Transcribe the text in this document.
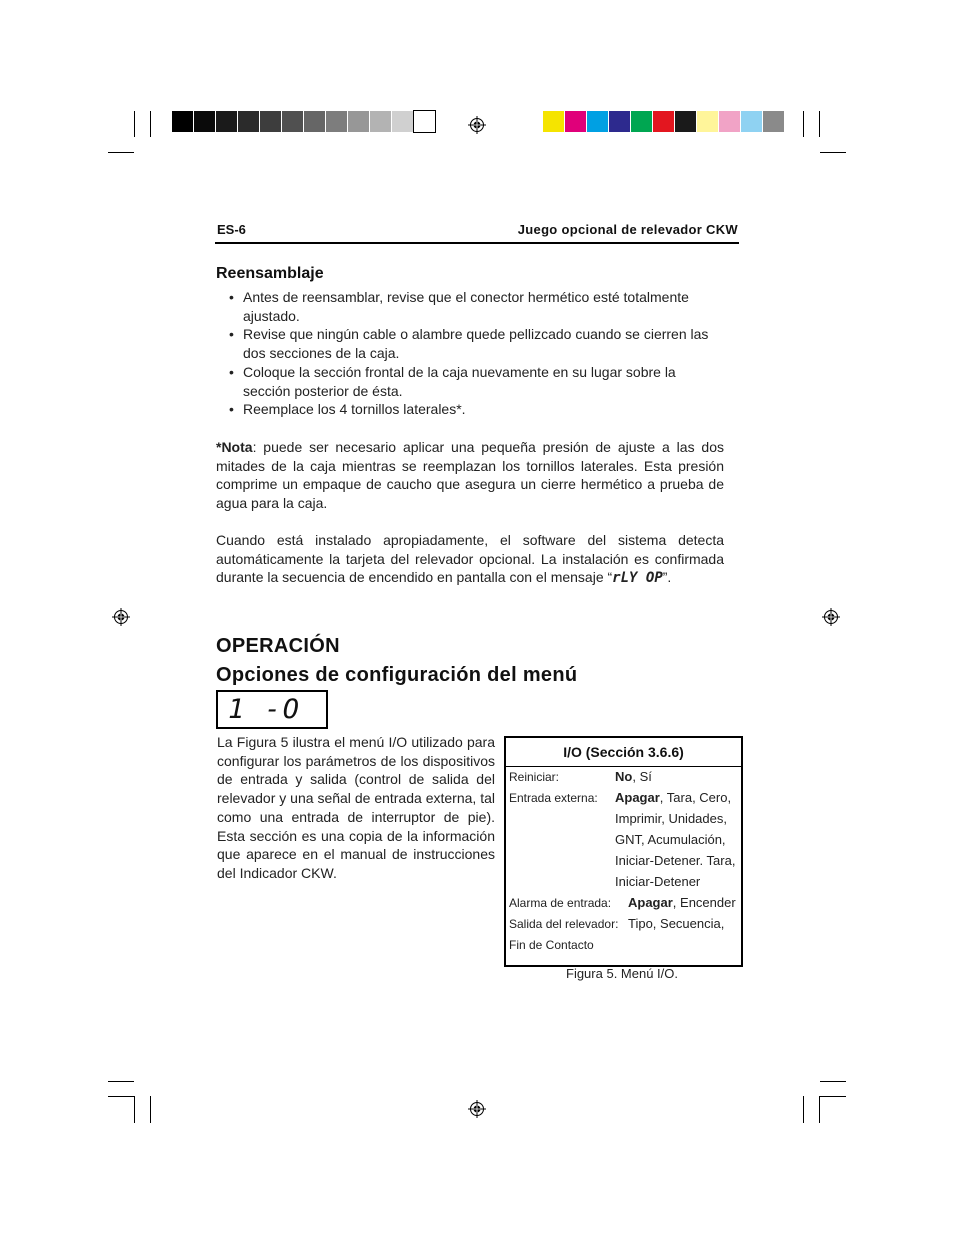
ES-6	Juego opcional de relevador CKW
Reensamblaje
• Antes de reensamblar, revise que el conector hermético esté totalmente ajustado.
• Revise que ningún cable o alambre quede pellizcado cuando se cierren las dos secciones de la caja.
• Coloque la sección frontal de la caja nuevamente en su lugar sobre la sección posterior de ésta.
• Reemplace los 4 tornillos laterales*.
*Nota: puede ser necesario aplicar una pequeña presión de ajuste a las dos mitades de la caja mientras se reemplazan los tornillos laterales. Esta presión comprime un empaque de caucho que asegura un cierre hermético a prueba de agua para la caja.
Cuando está instalado apropiadamente, el software del sistema detecta automáticamente la tarjeta del relevador opcional. La instalación es confirmada durante la secuencia de encendido en pantalla con el mensaje “rLY OP”.
OPERACIÓN
Opciones de configuración del menú
1 -O
La Figura 5 ilustra el menú I/O utilizado para configurar los parámetros de los dispositivos de entrada y salida (control de salida del relevador y una señal de entrada externa, tal como una entrada de interruptor de pie). Esta sección es una copia de la información que aparece en el manual de instrucciones del Indicador CKW.
I/O (Sección 3.6.6)
Reiniciar:	No, Sí
Entrada externa: Apagar, Tara, Cero,
Imprimir, Unidades,
GNT, Acumulación,
Iniciar-Detener. Tara,
Iniciar-Detener
Alarma de entrada: Apagar, Encender
Salida del relevador: Tipo, Secuencia,
Fin de Contacto
Figura 5. Menú I/O.
